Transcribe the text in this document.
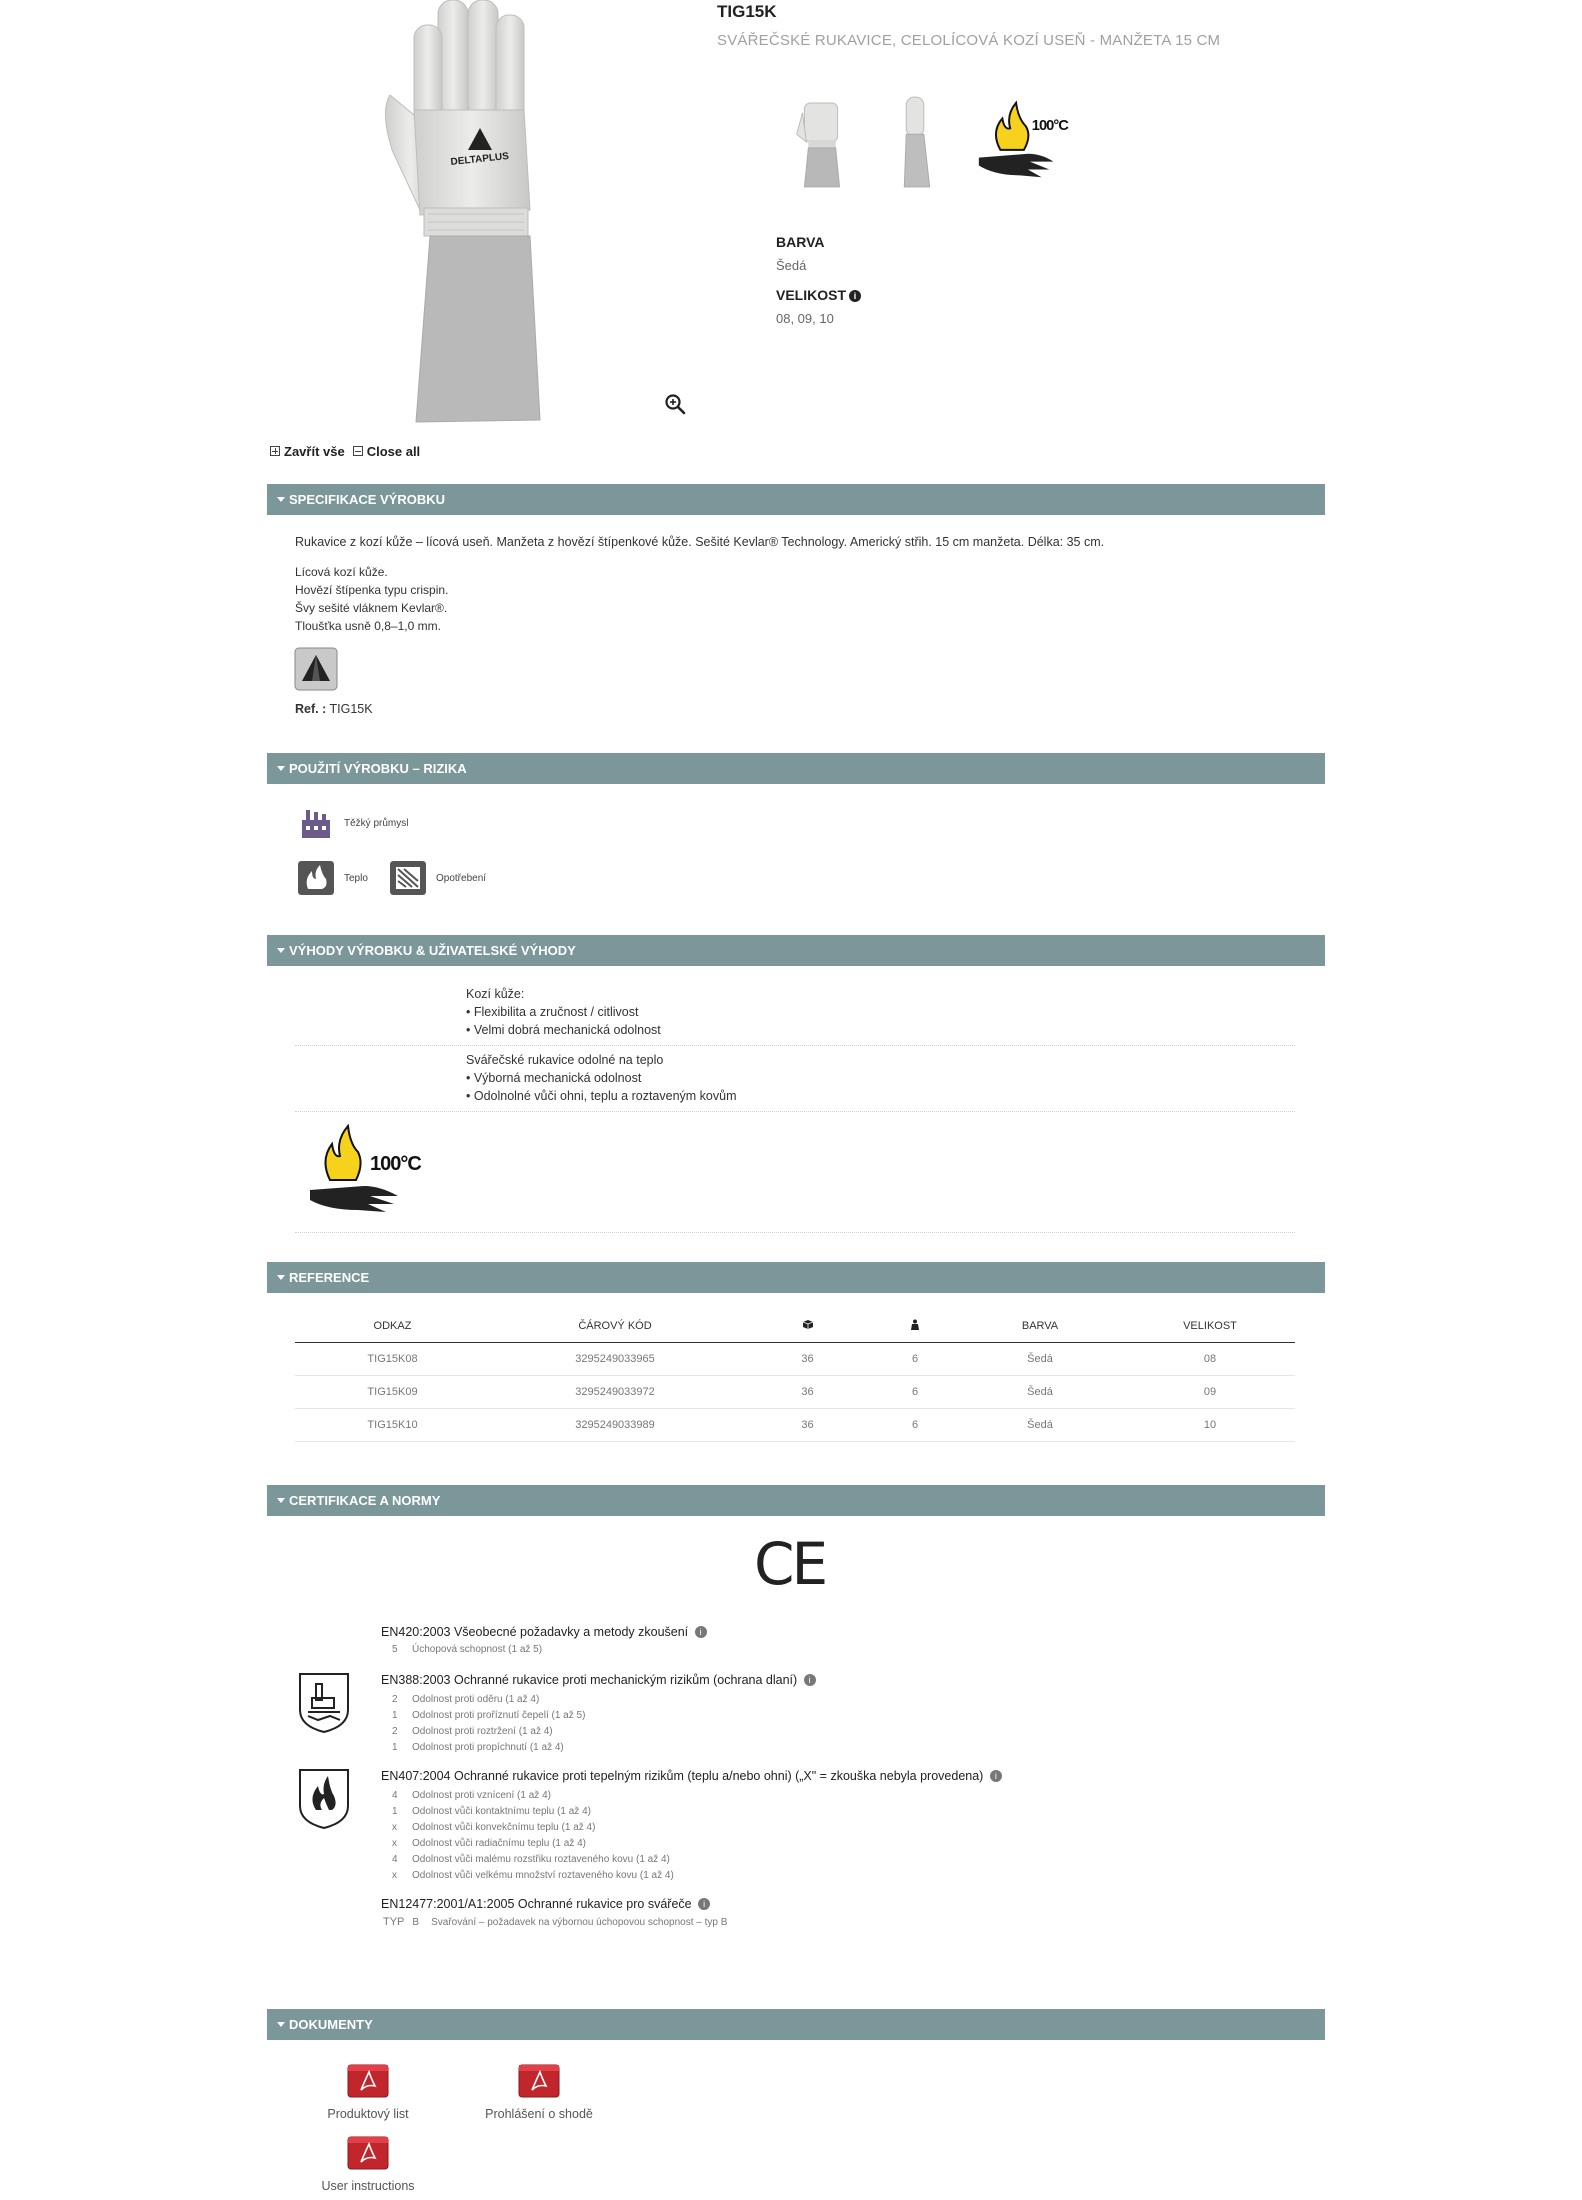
DELTAPLUS
TIG15K
SVÁŘEČSKÉ RUKAVICE, CELOLÍCOVÁ KOZÍ USEŇ - MANŽETA 15 CM
100°C
BARVA
Šedá
VELIKOST i
08, 09, 10
Zavřít vše	Close all
SPECIFIKACE VÝROBKU
Rukavice z kozí kůže – lícová useň. Manžeta z hovězí štípenkové kůže. Sešité Kevlar® Technology. Americký střih. 15 cm manžeta. Délka: 35 cm.
Lícová kozí kůže.
Hovězí štípenka typu crispin.
Švy sešité vláknem Kevlar®.
Tloušťka usně 0,8–1,0 mm.
Ref. : TIG15K
POUŽITÍ VÝROBKU – RIZIKA
Těžký průmysl
Teplo	Opotřebení
VÝHODY VÝROBKU & UŽIVATELSKÉ VÝHODY
Kozí kůže:
• Flexibilita a zručnost / citlivost
• Velmi dobrá mechanická odolnost
Svářečské rukavice odolné na teplo
• Výborná mechanická odolnost
• Odolnolné vůči ohni, teplu a roztaveným kovům
100°C
REFERENCE
ODKAZ	ČÁROVÝ KÓD			BARVA	VELIKOST
TIG15K08	3295249033965	36	6	Šedá	08
TIG15K09	3295249033972	36	6	Šedá	09
TIG15K10	3295249033989	36	6	Šedá	10
CERTIFIKACE A NORMY
CE
EN420:2003 Všeobecné požadavky a metody zkoušení i
5 Úchopová schopnost (1 až 5)
EN388:2003 Ochranné rukavice proti mechanickým rizikům (ochrana dlaní) i
2 Odolnost proti oděru (1 až 4)
1 Odolnost proti proříznutí čepelí (1 až 5)
2 Odolnost proti roztržení (1 až 4)
1 Odolnost proti propíchnutí (1 až 4)
EN407:2004 Ochranné rukavice proti tepelným rizikům (teplu a/nebo ohni) („X" = zkouška nebyla provedena) i
4 Odolnost proti vznícení (1 až 4)
1 Odolnost vůči kontaktnímu teplu (1 až 4)
x Odolnost vůči konvekčnímu teplu (1 až 4)
x Odolnost vůči radiačnímu teplu (1 až 4)
4 Odolnost vůči malému rozstřiku roztaveného kovu (1 až 4)
x Odolnost vůči velkému množství roztaveného kovu (1 až 4)
EN12477:2001/A1:2005 Ochranné rukavice pro svářeče i
TYP B Svařování – požadavek na výbornou úchopovou schopnost – typ B
DOKUMENTY
Produktový list	Prohlášení o shodě
User instructions
